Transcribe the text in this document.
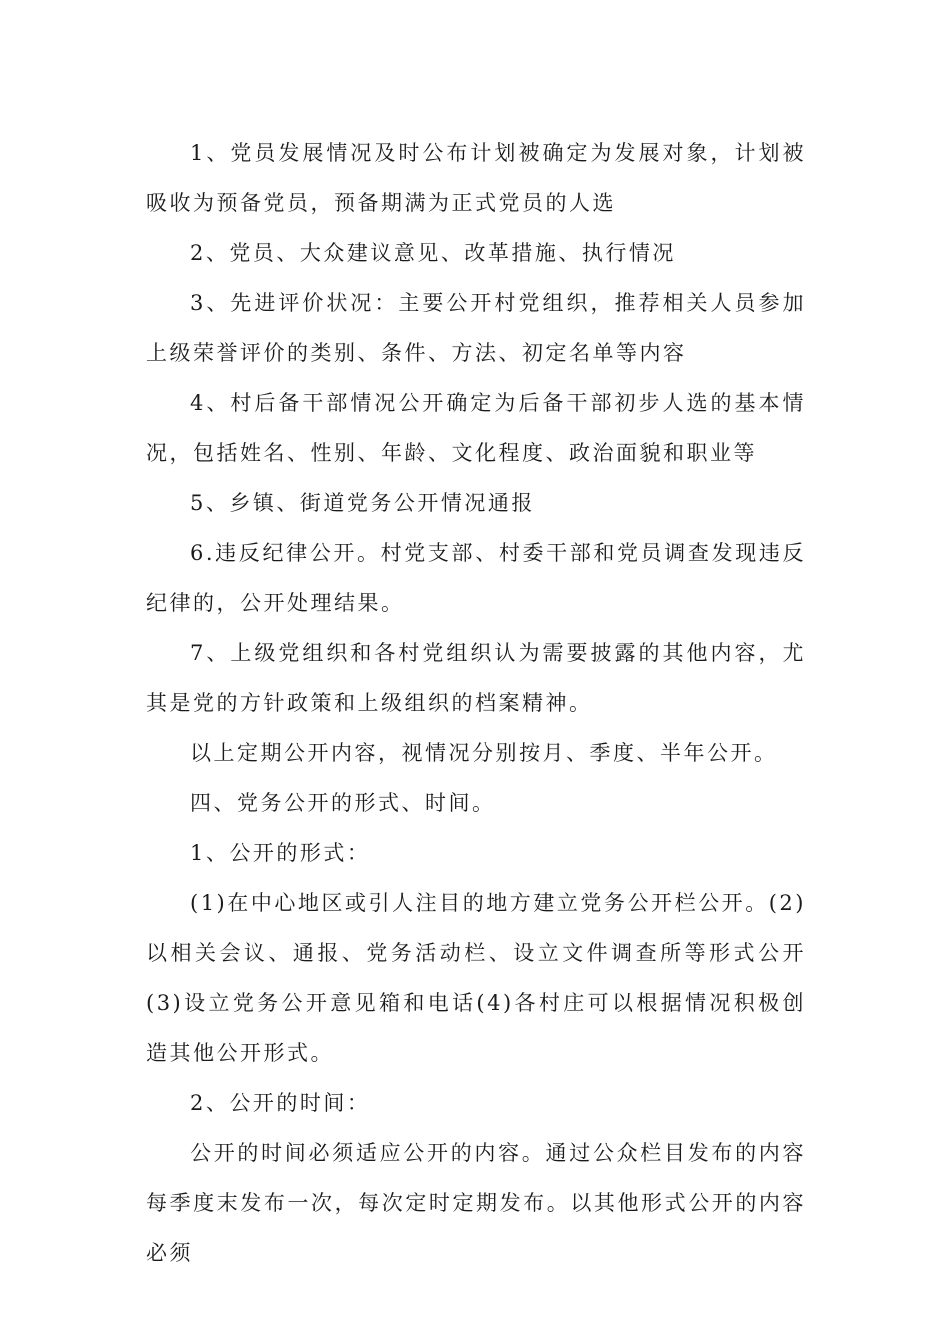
1、党员发展情况及时公布计划被确定为发展对象，计划被吸收为预备党员，预备期满为正式党员的人选

2、党员、大众建议意见、改革措施、执行情况

3、先进评价状况：主要公开村党组织，推荐相关人员参加上级荣誉评价的类别、条件、方法、初定名单等内容

4、村后备干部情况公开确定为后备干部初步人选的基本情况，包括姓名、性别、年龄、文化程度、政治面貌和职业等

5、乡镇、街道党务公开情况通报

6.违反纪律公开。村党支部、村委干部和党员调查发现违反纪律的，公开处理结果。

7、上级党组织和各村党组织认为需要披露的其他内容，尤其是党的方针政策和上级组织的档案精神。

以上定期公开内容，视情况分别按月、季度、半年公开。

四、党务公开的形式、时间。

1、公开的形式：

(1)在中心地区或引人注目的地方建立党务公开栏公开。(2)以相关会议、通报、党务活动栏、设立文件调查所等形式公开(3)设立党务公开意见箱和电话(4)各村庄可以根据情况积极创造其他公开形式。

2、公开的时间：

公开的时间必须适应公开的内容。通过公众栏目发布的内容每季度末发布一次，每次定时定期发布。以其他形式公开的内容必须
